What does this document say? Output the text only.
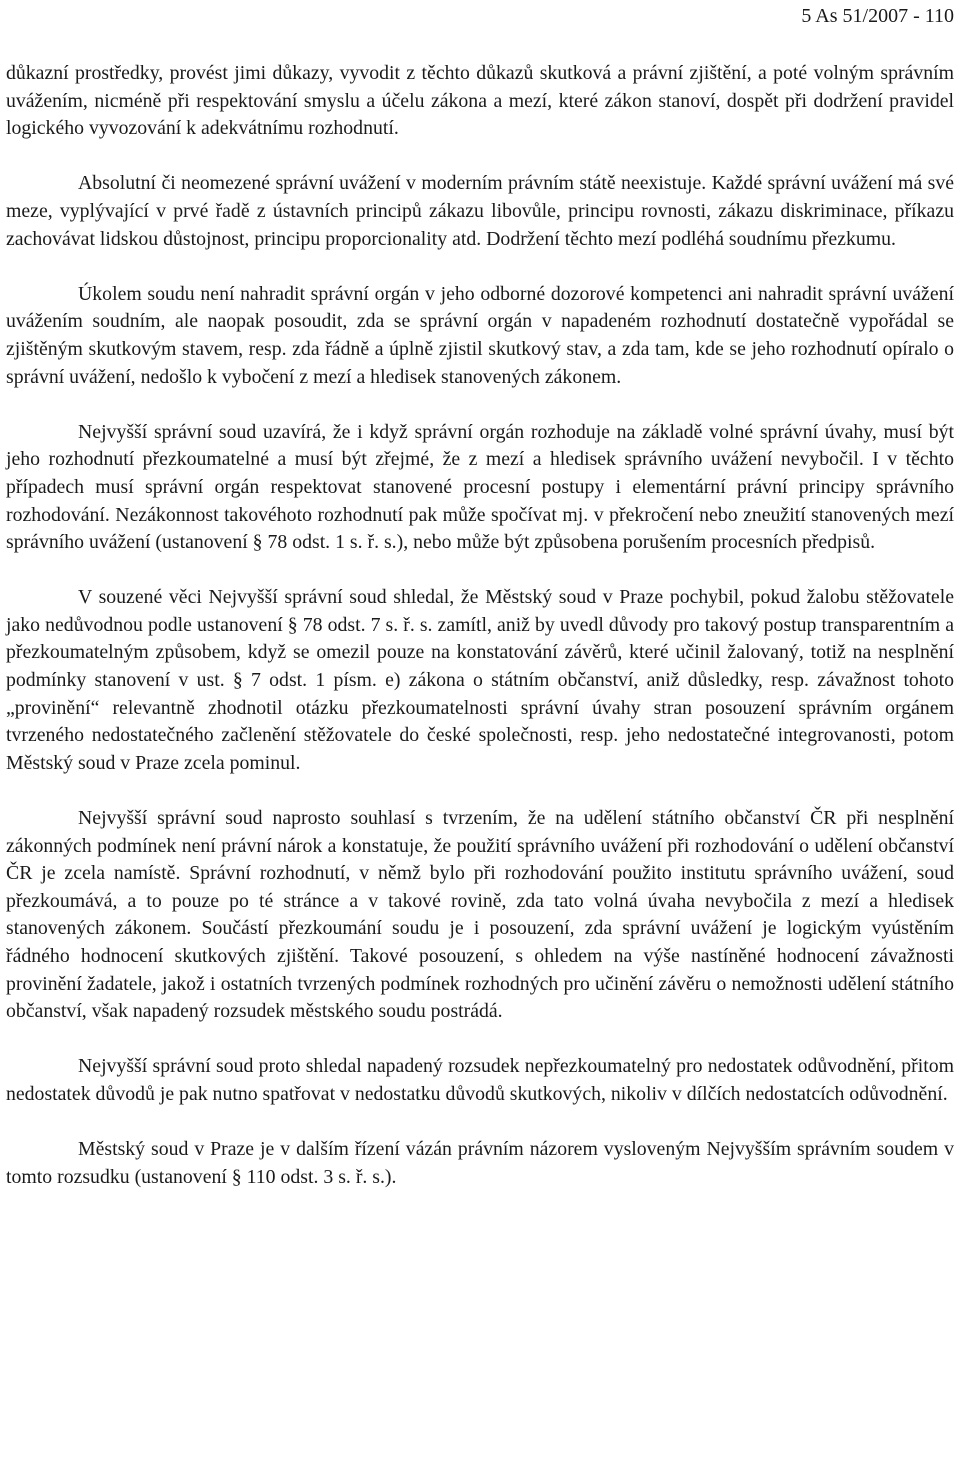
5 As 51/2007 - 110

důkazní prostředky, provést jimi důkazy, vyvodit z těchto důkazů skutková a právní zjištění, a poté volným správním uvážením, nicméně při respektování smyslu a účelu zákona a mezí, které zákon stanoví, dospět při dodržení pravidel logického vyvozování k adekvátnímu rozhodnutí.

Absolutní či neomezené správní uvážení v moderním právním státě neexistuje. Každé správní uvážení má své meze, vyplývající v prvé řadě z ústavních principů zákazu libovůle, principu rovnosti, zákazu diskriminace, příkazu zachovávat lidskou důstojnost, principu proporcionality atd. Dodržení těchto mezí podléhá soudnímu přezkumu.

Úkolem soudu není nahradit správní orgán v jeho odborné dozorové kompetenci ani nahradit správní uvážení uvážením soudním, ale naopak posoudit, zda se správní orgán v napadeném rozhodnutí dostatečně vypořádal se zjištěným skutkovým stavem, resp. zda řádně a úplně zjistil skutkový stav, a zda tam, kde se jeho rozhodnutí opíralo o správní uvážení, nedošlo k vybočení z mezí a hledisek stanovených zákonem.

Nejvyšší správní soud uzavírá, že i když správní orgán rozhoduje na základě volné správní úvahy, musí být jeho rozhodnutí přezkoumatelné a musí být zřejmé, že z mezí a hledisek správního uvážení nevybočil. I v těchto případech musí správní orgán respektovat stanovené procesní postupy i elementární právní principy správního rozhodování. Nezákonnost takovéhoto rozhodnutí pak může spočívat mj. v překročení nebo zneužití stanovených mezí správního uvážení (ustanovení § 78 odst. 1 s. ř. s.), nebo může být způsobena porušením procesních předpisů.

V souzené věci Nejvyšší správní soud shledal, že Městský soud v Praze pochybil, pokud žalobu stěžovatele jako nedůvodnou podle ustanovení § 78 odst. 7 s. ř. s. zamítl, aniž by uvedl důvody pro takový postup transparentním a přezkoumatelným způsobem, když se omezil pouze na konstatování závěrů, které učinil žalovaný, totiž na nesplnění podmínky stanovení v ust. § 7 odst. 1 písm. e) zákona o státním občanství, aniž důsledky, resp. závažnost tohoto „provinění“ relevantně zhodnotil otázku přezkoumatelnosti správní úvahy stran posouzení správním orgánem tvrzeného nedostatečného začlenění stěžovatele do české společnosti, resp. jeho nedostatečné integrovanosti, potom Městský soud v Praze zcela pominul.

Nejvyšší správní soud naprosto souhlasí s tvrzením, že na udělení státního občanství ČR při nesplnění zákonných podmínek není právní nárok a konstatuje, že použití správního uvážení při rozhodování o udělení občanství ČR je zcela namístě. Správní rozhodnutí, v němž bylo při rozhodování použito institutu správního uvážení, soud přezkoumává, a to pouze po té stránce a v takové rovině, zda tato volná úvaha nevybočila z mezí a hledisek stanovených zákonem. Součástí přezkoumání soudu je i posouzení, zda správní uvážení je logickým vyústěním řádného hodnocení skutkových zjištění. Takové posouzení, s ohledem na výše nastíněné hodnocení závažnosti provinění žadatele, jakož i ostatních tvrzených podmínek rozhodných pro učinění závěru o nemožnosti udělení státního občanství, však napadený rozsudek městského soudu postrádá.

Nejvyšší správní soud proto shledal napadený rozsudek nepřezkoumatelný pro nedostatek odůvodnění, přitom nedostatek důvodů je pak nutno spatřovat v nedostatku důvodů skutkových, nikoliv v dílčích nedostatcích odůvodnění.

Městský soud v Praze je v dalším řízení vázán právním názorem vysloveným Nejvyšším správním soudem v tomto rozsudku (ustanovení § 110 odst. 3 s. ř. s.).
